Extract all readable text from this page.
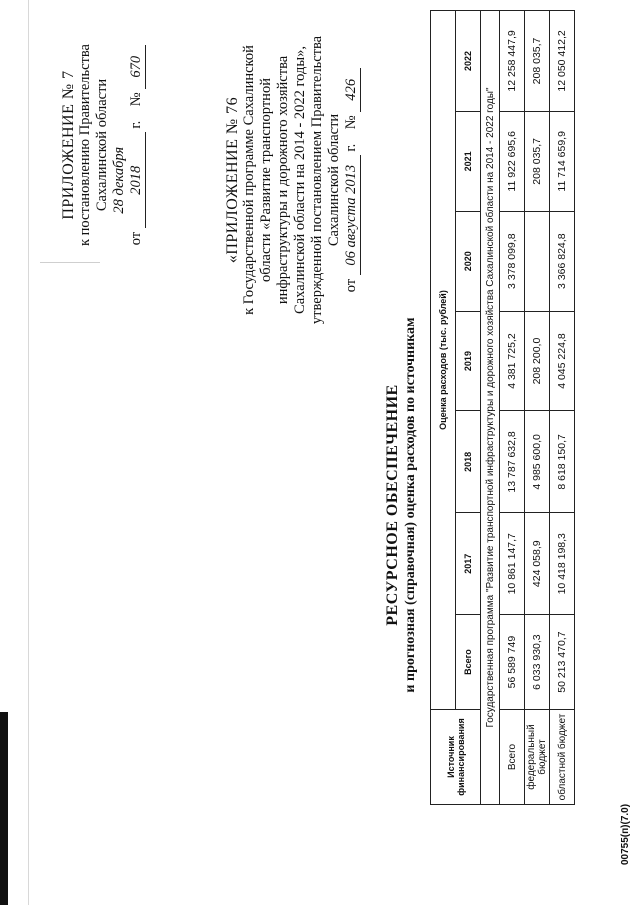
ПРИЛОЖЕНИЕ № 7 к постановлению Правительства Сахалинской области
от 28 декабря 2018 г.    № 670
«ПРИЛОЖЕНИЕ № 76 к Государственной программе Сахалинской области «Развитие транспортной инфраструктуры и дорожного хозяйства Сахалинской области на 2014 - 2022 годы», утвержденной постановлением Правительства Сахалинской области
от 06 августа 2013 г.    № 426
РЕСУРСНОЕ ОБЕСПЕЧЕНИЕ и прогнозная (справочная) оценка расходов по источникам
Источник финансирования	Оценка расходов (тыс. рублей)						
	Всего	2017	2018	2019	2020	2021	2022
Государственная программа "Развитие транспортной инфраструктуры и дорожного хозяйства Сахалинской области на 2014 - 2022 годы"							
Всего	56 589 749	10 861 147,7	13 787 632,8	4 381 725,2	3 378 099,8	11 922 695,6	12 258 447,9
федеральный бюджет	6 033 930,3	424 058,9	4 985 600,0	208 200,0		208 035,7	208 035,7
областной бюджет	50 213 470,7	10 418 198,3	8 618 150,7	4 045 224,8	3 366 824,8	11 714 659,9	12 050 412,2
00755(п)(7.0)
